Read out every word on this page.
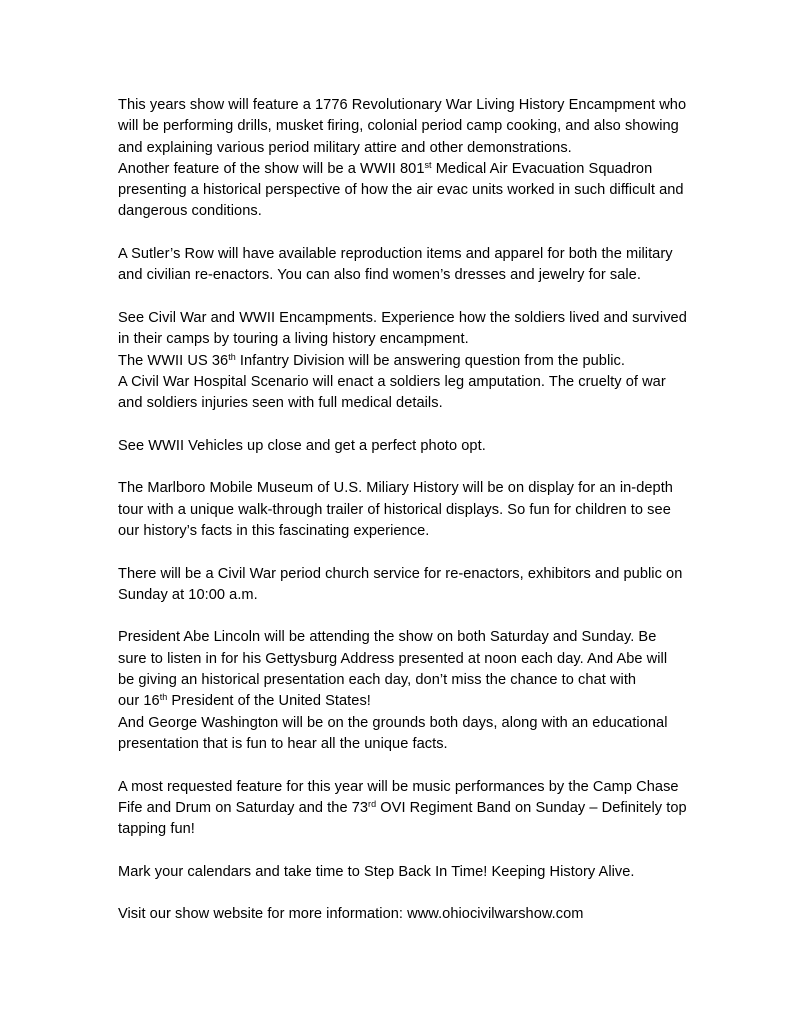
This years show will feature a 1776 Revolutionary War Living History Encampment who
will be performing drills, musket firing, colonial period camp cooking, and also showing
and explaining various period military attire and other demonstrations.
Another feature of the show will be a WWII 801st Medical Air Evacuation Squadron
presenting a historical perspective of how the air evac units worked in such difficult and
dangerous conditions.
A Sutler’s Row will have available reproduction items and apparel for both the military
and civilian re-enactors. You can also find women’s dresses and jewelry for sale.
See Civil War and WWII Encampments. Experience how the soldiers lived and survived
in their camps by touring a living history encampment.
The WWII US 36th Infantry Division will be answering question from the public.
A Civil War Hospital Scenario will enact a soldiers leg amputation. The cruelty of war
and soldiers injuries seen with full medical details.
See WWII Vehicles up close and get a perfect photo opt.
The Marlboro Mobile Museum of U.S. Miliary History will be on display for an in-depth
tour with a unique walk-through trailer of historical displays. So fun for children to see
our history’s facts in this fascinating experience.
There will be a Civil War period church service for re-enactors, exhibitors and public on
Sunday at 10:00 a.m.
President Abe Lincoln will be attending the show on both Saturday and Sunday. Be
sure to listen in for his Gettysburg Address presented at noon each day. And Abe will
be giving an historical presentation each day, don’t miss the chance to chat with
our 16th President of the United States!
And George Washington will be on the grounds both days, along with an educational
presentation that is fun to hear all the unique facts.
A most requested feature for this year will be music performances by the Camp Chase
Fife and Drum on Saturday and the 73rd OVI Regiment Band on Sunday – Definitely top
tapping fun!
Mark your calendars and take time to Step Back In Time! Keeping History Alive.
Visit our show website for more information: www.ohiocivilwarshow.com
